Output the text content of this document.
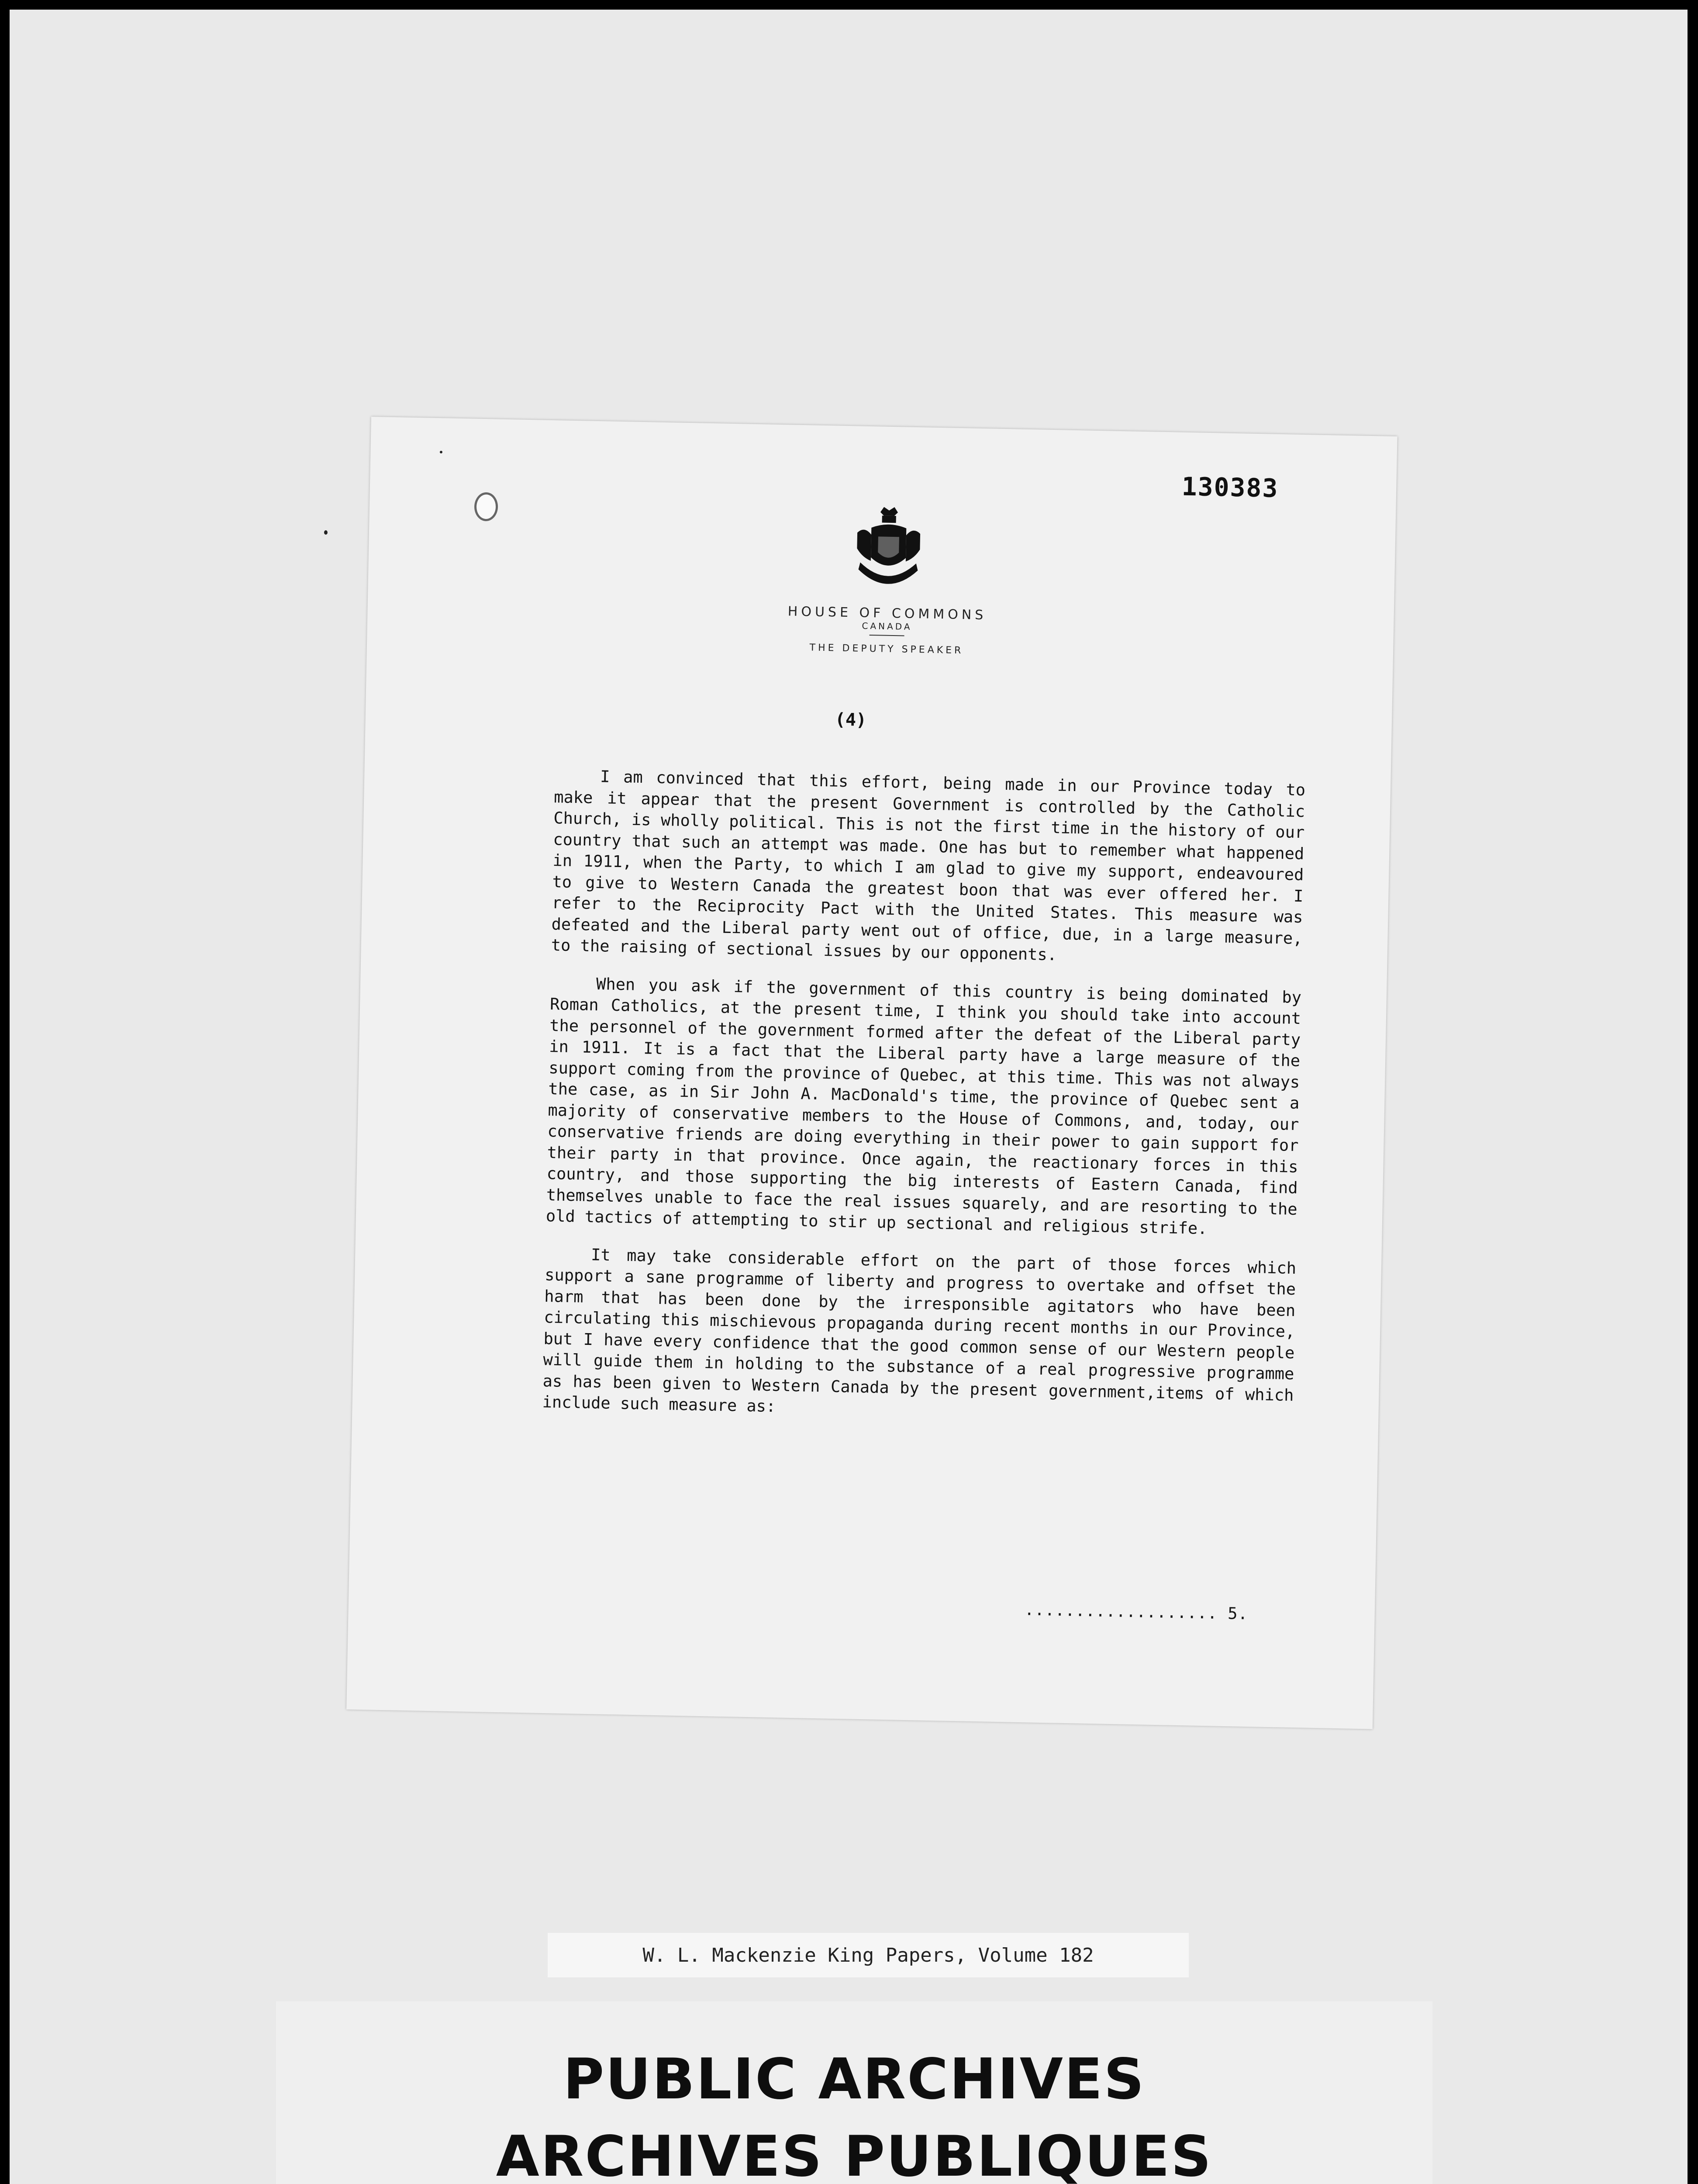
130383
HOUSE OF COMMONS
CANADA
THE DEPUTY SPEAKER
(4)

I am convinced that this effort, being made in our Province today to make it appear that the present Government is controlled by the Catholic Church, is wholly political. This is not the first time in the history of our country that such an attempt was made. One has but to remember what happened in 1911, when the Party, to which I am glad to give my support, endeavoured to give to Western Canada the greatest boon that was ever offered her. I refer to the Reciprocity Pact with the United States. This measure was defeated and the Liberal party went out of office, due, in a large measure, to the raising of sectional issues by our opponents.

When you ask if the government of this country is being dominated by Roman Catholics, at the present time, I think you should take into account the personnel of the government formed after the defeat of the Liberal party in 1911. It is a fact that the Liberal party have a large measure of the support coming from the province of Quebec, at this time. This was not always the case, as in Sir John A. MacDonald's time, the province of Quebec sent a majority of conservative members to the House of Commons, and, today, our conservative friends are doing everything in their power to gain support for their party in that province. Once again, the reactionary forces in this country, and those supporting the big interests of Eastern Canada, find themselves unable to face the real issues squarely, and are resorting to the old tactics of attempting to stir up sectional and religious strife.

It may take considerable effort on the part of those forces which support a sane programme of liberty and progress to overtake and offset the harm that has been done by the irresponsible agitators who have been circulating this mischievous propaganda during recent months in our Province, but I have every confidence that the good common sense of our Western people will guide them in holding to the substance of a real progressive programme as has been given to Western Canada by the present government,items of which include such measure as:

................... 5.
W. L. Mackenzie King Papers, Volume 182
PUBLIC ARCHIVES
ARCHIVES PUBLIQUES
